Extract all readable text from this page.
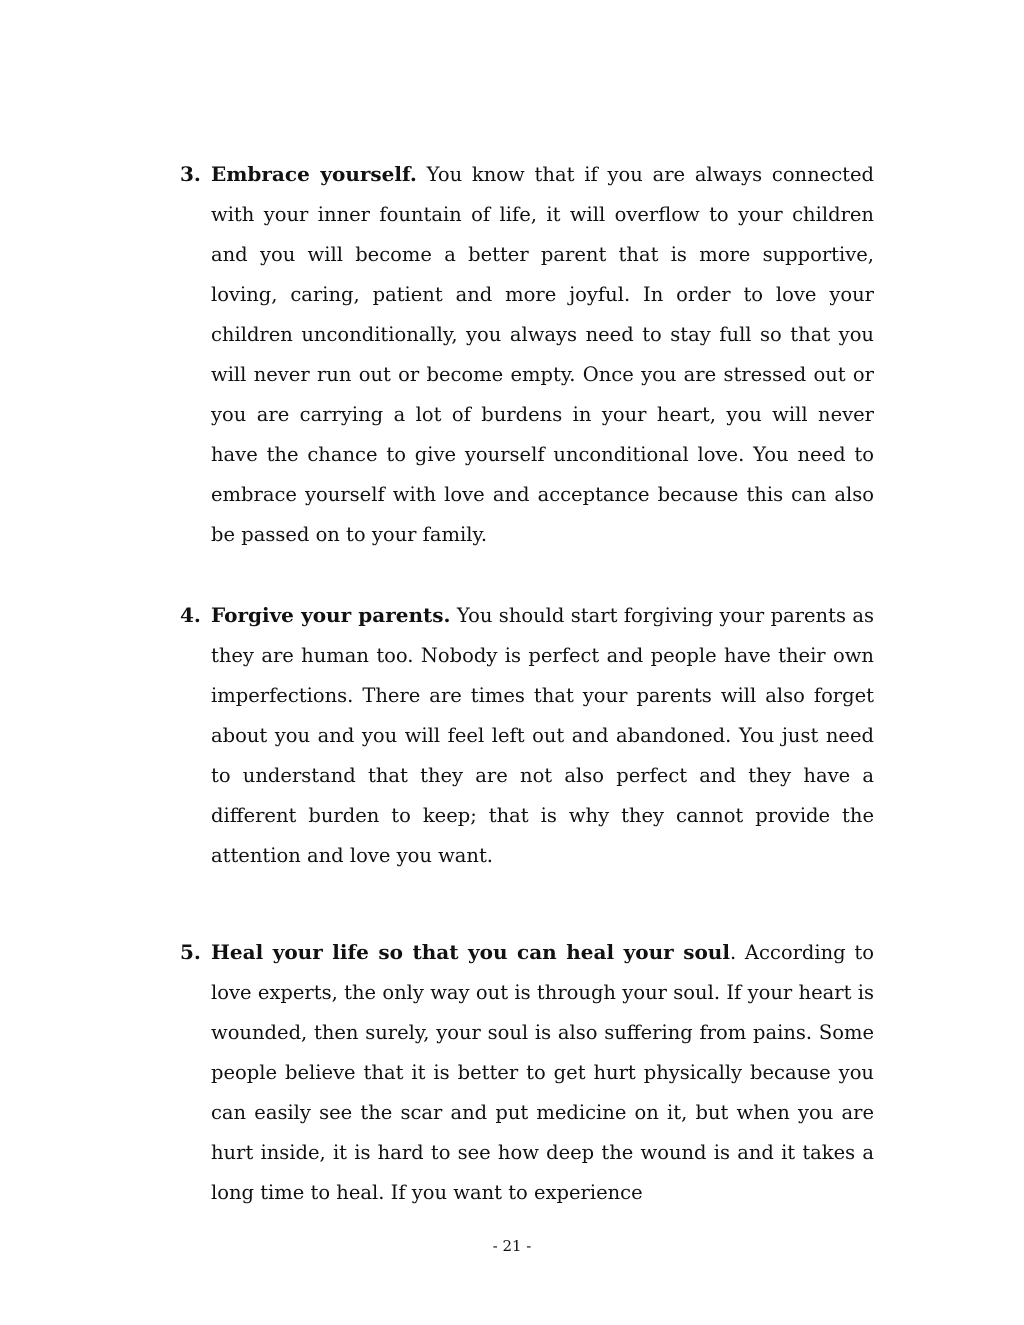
3. Embrace yourself. You know that if you are always connected with your inner fountain of life, it will overflow to your children and you will become a better parent that is more supportive, loving, caring, patient and more joyful. In order to love your children unconditionally, you always need to stay full so that you will never run out or become empty. Once you are stressed out or you are carrying a lot of burdens in your heart, you will never have the chance to give yourself unconditional love. You need to embrace yourself with love and acceptance because this can also be passed on to your family.
4. Forgive your parents. You should start forgiving your parents as they are human too. Nobody is perfect and people have their own imperfections. There are times that your parents will also forget about you and you will feel left out and abandoned. You just need to understand that they are not also perfect and they have a different burden to keep; that is why they cannot provide the attention and love you want.
5. Heal your life so that you can heal your soul. According to love experts, the only way out is through your soul. If your heart is wounded, then surely, your soul is also suffering from pains. Some people believe that it is better to get hurt physically because you can easily see the scar and put medicine on it, but when you are hurt inside, it is hard to see how deep the wound is and it takes a long time to heal. If you want to experience
- 21 -
